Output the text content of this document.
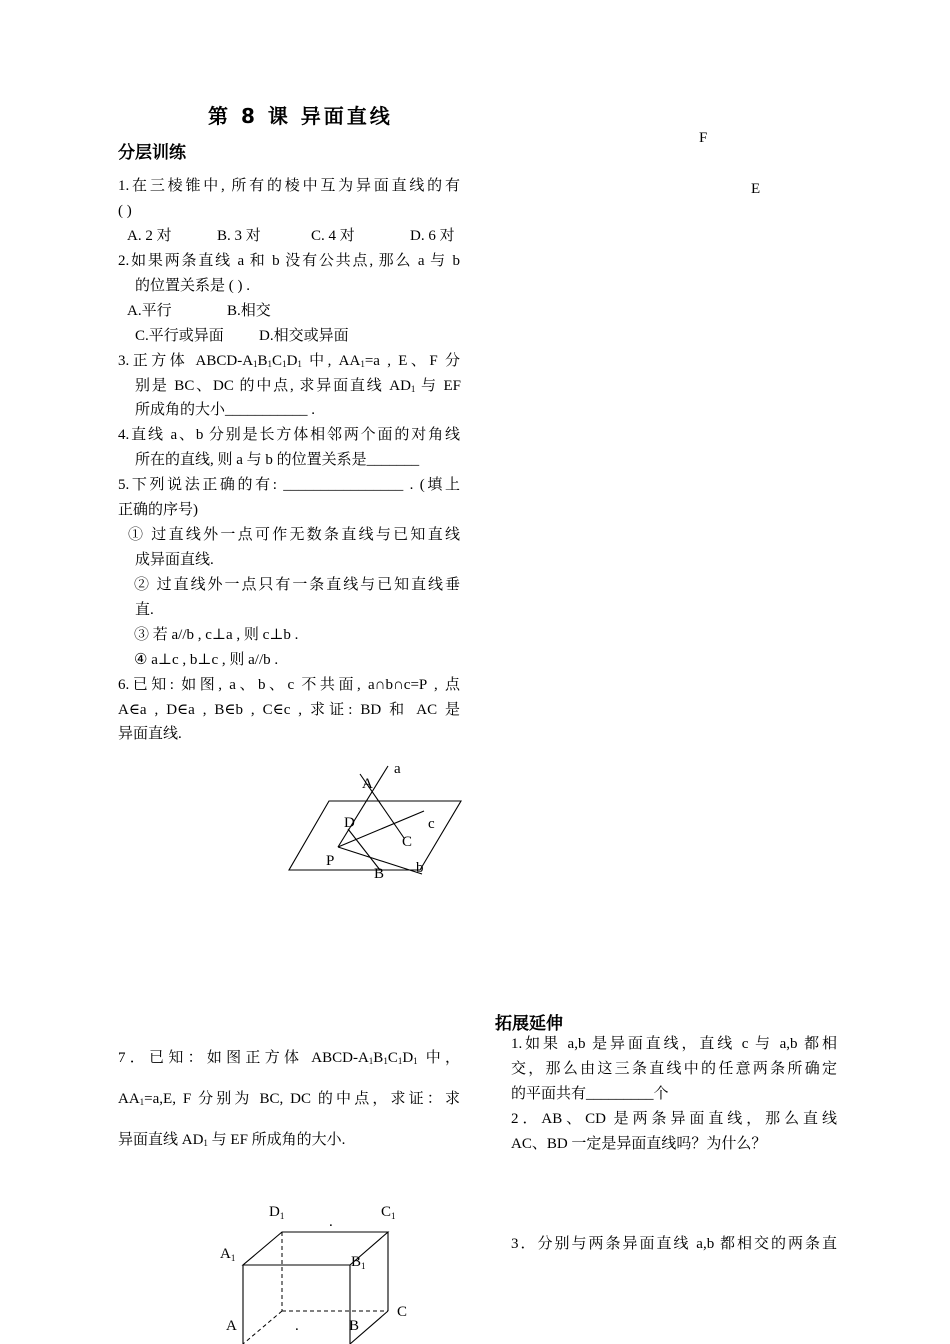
第 8 课 异面直线
F
E
分层训练
1.在三棱锥中, 所有的棱中互为异面直线的有
( )
A. 2 对	B. 3 对	C. 4 对	D. 6 对
2.如果两条直线 a 和 b 没有公共点, 那么 a 与 b
的位置关系是 ( ) .
A.平行	B.相交
C.平行或异面 D.相交或异面
3.正方体 ABCD-$A_1B_1C_1D_1$ 中, $AA_1=a$ , E、F 分
别是 BC、DC 的中点, 求异面直线 $AD_1$ 与 EF
所成角的大小___________ .
4.直线 a、b 分别是长方体相邻两个面的对角线
所在的直线, 则 a 与 b 的位置关系是_______
5.下列说法正确的有: ________________ . (填上
正确的序号)
① 过直线外一点可作无数条直线与已知直线
成异面直线.
② 过直线外一点只有一条直线与已知直线垂
直.
③ 若 a//b , c⊥a , 则 c⊥b .
④ a⊥c , b⊥c , 则 a//b .
6.已知: 如图, a、b、c 不共面, a∩b∩c=P , 点
A∈a , D∈a , B∈b , C∈c , 求证: BD 和 AC 是
异面直线.
a
A
D	c
C
P
B b
7．已知：如图正方体 ABCD-$A_1B_1C_1D_1$ 中，
$AA_1=a,E$, F 分别为 BC, DC 的中点，求证：求
异面直线 $AD_1$ 与 EF 所成角的大小.
$D_1$	$C_1$
$A_1$	$B_1$
C
A	B
.
.
拓展延伸
1.如果 a,b 是异面直线，直线 c 与 a,b 都相
交，那么由这三条直线中的任意两条所确定
的平面共有_________个
2．AB、CD 是两条异面直线，那么直线
AC、BD 一定是异面直线吗？为什么？
3．分别与两条异面直线 a,b 都相交的两条直
